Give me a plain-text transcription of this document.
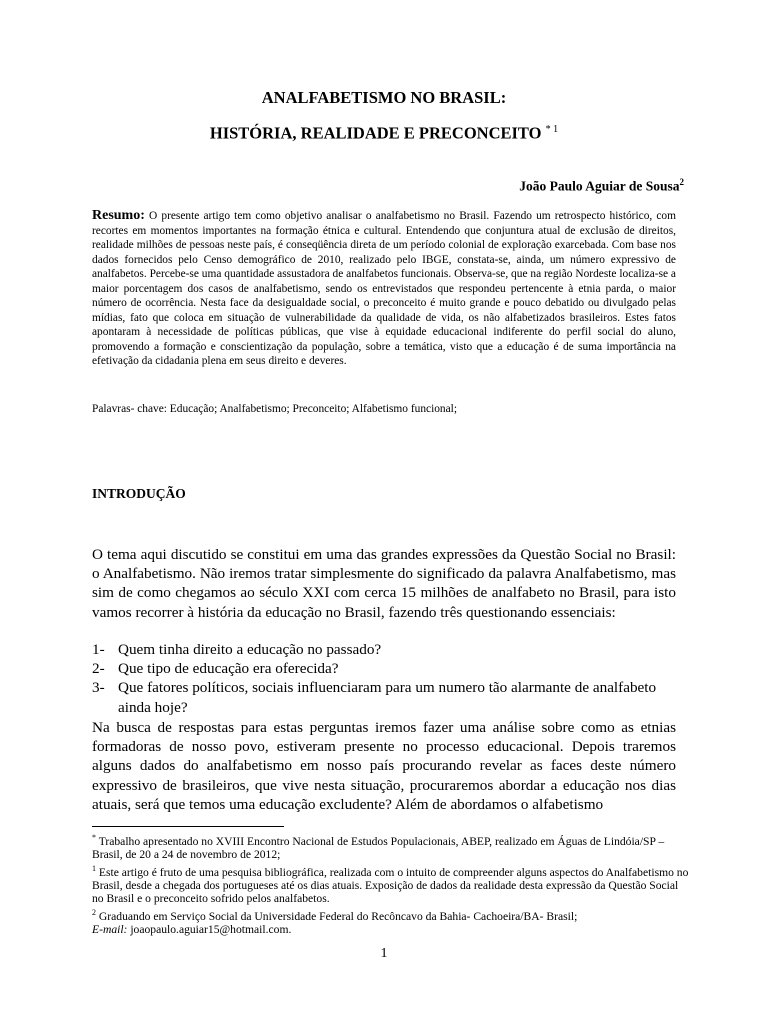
ANALFABETISMO NO BRASIL:
HISTÓRIA, REALIDADE E PRECONCEITO $^{* 1}$
João Paulo Aguiar de Sousa$^2$
Resumo: O presente artigo tem como objetivo analisar o analfabetismo no Brasil. Fazendo um retrospecto histórico, com recortes em momentos importantes na formação étnica e cultural. Entendendo que conjuntura atual de exclusão de direitos, realidade milhões de pessoas neste país, é conseqüência direta de um período colonial de exploração exarcebada. Com base nos dados fornecidos pelo Censo demográfico de 2010, realizado pelo IBGE, constata-se, ainda, um número expressivo de analfabetos. Percebe-se uma quantidade assustadora de analfabetos funcionais. Observa-se, que na região Nordeste localiza-se a maior porcentagem dos casos de analfabetismo, sendo os entrevistados que respondeu pertencente à etnia parda, o maior número de ocorrência. Nesta face da desigualdade social, o preconceito é muito grande e pouco debatido ou divulgado pelas mídias, fato que coloca em situação de vulnerabilidade da qualidade de vida, os não alfabetizados brasileiros. Estes fatos apontaram à necessidade de políticas públicas, que vise à equidade educacional indiferente do perfil social do aluno, promovendo a formação e conscientização da população, sobre a temática, visto que a educação é de suma importância na efetivação da cidadania plena em seus direito e deveres.
Palavras- chave: Educação; Analfabetismo; Preconceito; Alfabetismo funcional;
INTRODUÇÃO
O tema aqui discutido se constitui em uma das grandes expressões da Questão Social no Brasil: o Analfabetismo. Não iremos tratar simplesmente do significado da palavra Analfabetismo, mas sim de como chegamos ao século XXI com cerca 15 milhões de analfabeto no Brasil, para isto vamos recorrer à história da educação no Brasil, fazendo três questionando essenciais:
1- Quem tinha direito a educação no passado?
2- Que tipo de educação era oferecida?
3- Que fatores políticos, sociais influenciaram para um numero tão alarmante de analfabeto ainda hoje?
Na busca de respostas para estas perguntas iremos fazer uma análise sobre como as etnias formadoras de nosso povo, estiveram presente no processo educacional. Depois traremos alguns dados do analfabetismo em nosso país procurando revelar as faces deste número expressivo de brasileiros, que vive nesta situação, procuraremos abordar a educação nos dias atuais, será que temos uma educação excludente? Além de abordamos o alfabetismo
* Trabalho apresentado no XVIII Encontro Nacional de Estudos Populacionais, ABEP, realizado em Águas de Lindóia/SP – Brasil, de 20 a 24 de novembro de 2012;
$^1$ Este artigo é fruto de uma pesquisa bibliográfica, realizada com o intuito de compreender alguns aspectos do Analfabetismo no Brasil, desde a chegada dos portugueses até os dias atuais. Exposição de dados da realidade desta expressão da Questão Social no Brasil e o preconceito sofrido pelos analfabetos.
$^2$ Graduando em Serviço Social da Universidade Federal do Recôncavo da Bahia- Cachoeira/BA- Brasil;
E-mail: joaopaulo.aguiar15@hotmail.com.
1
